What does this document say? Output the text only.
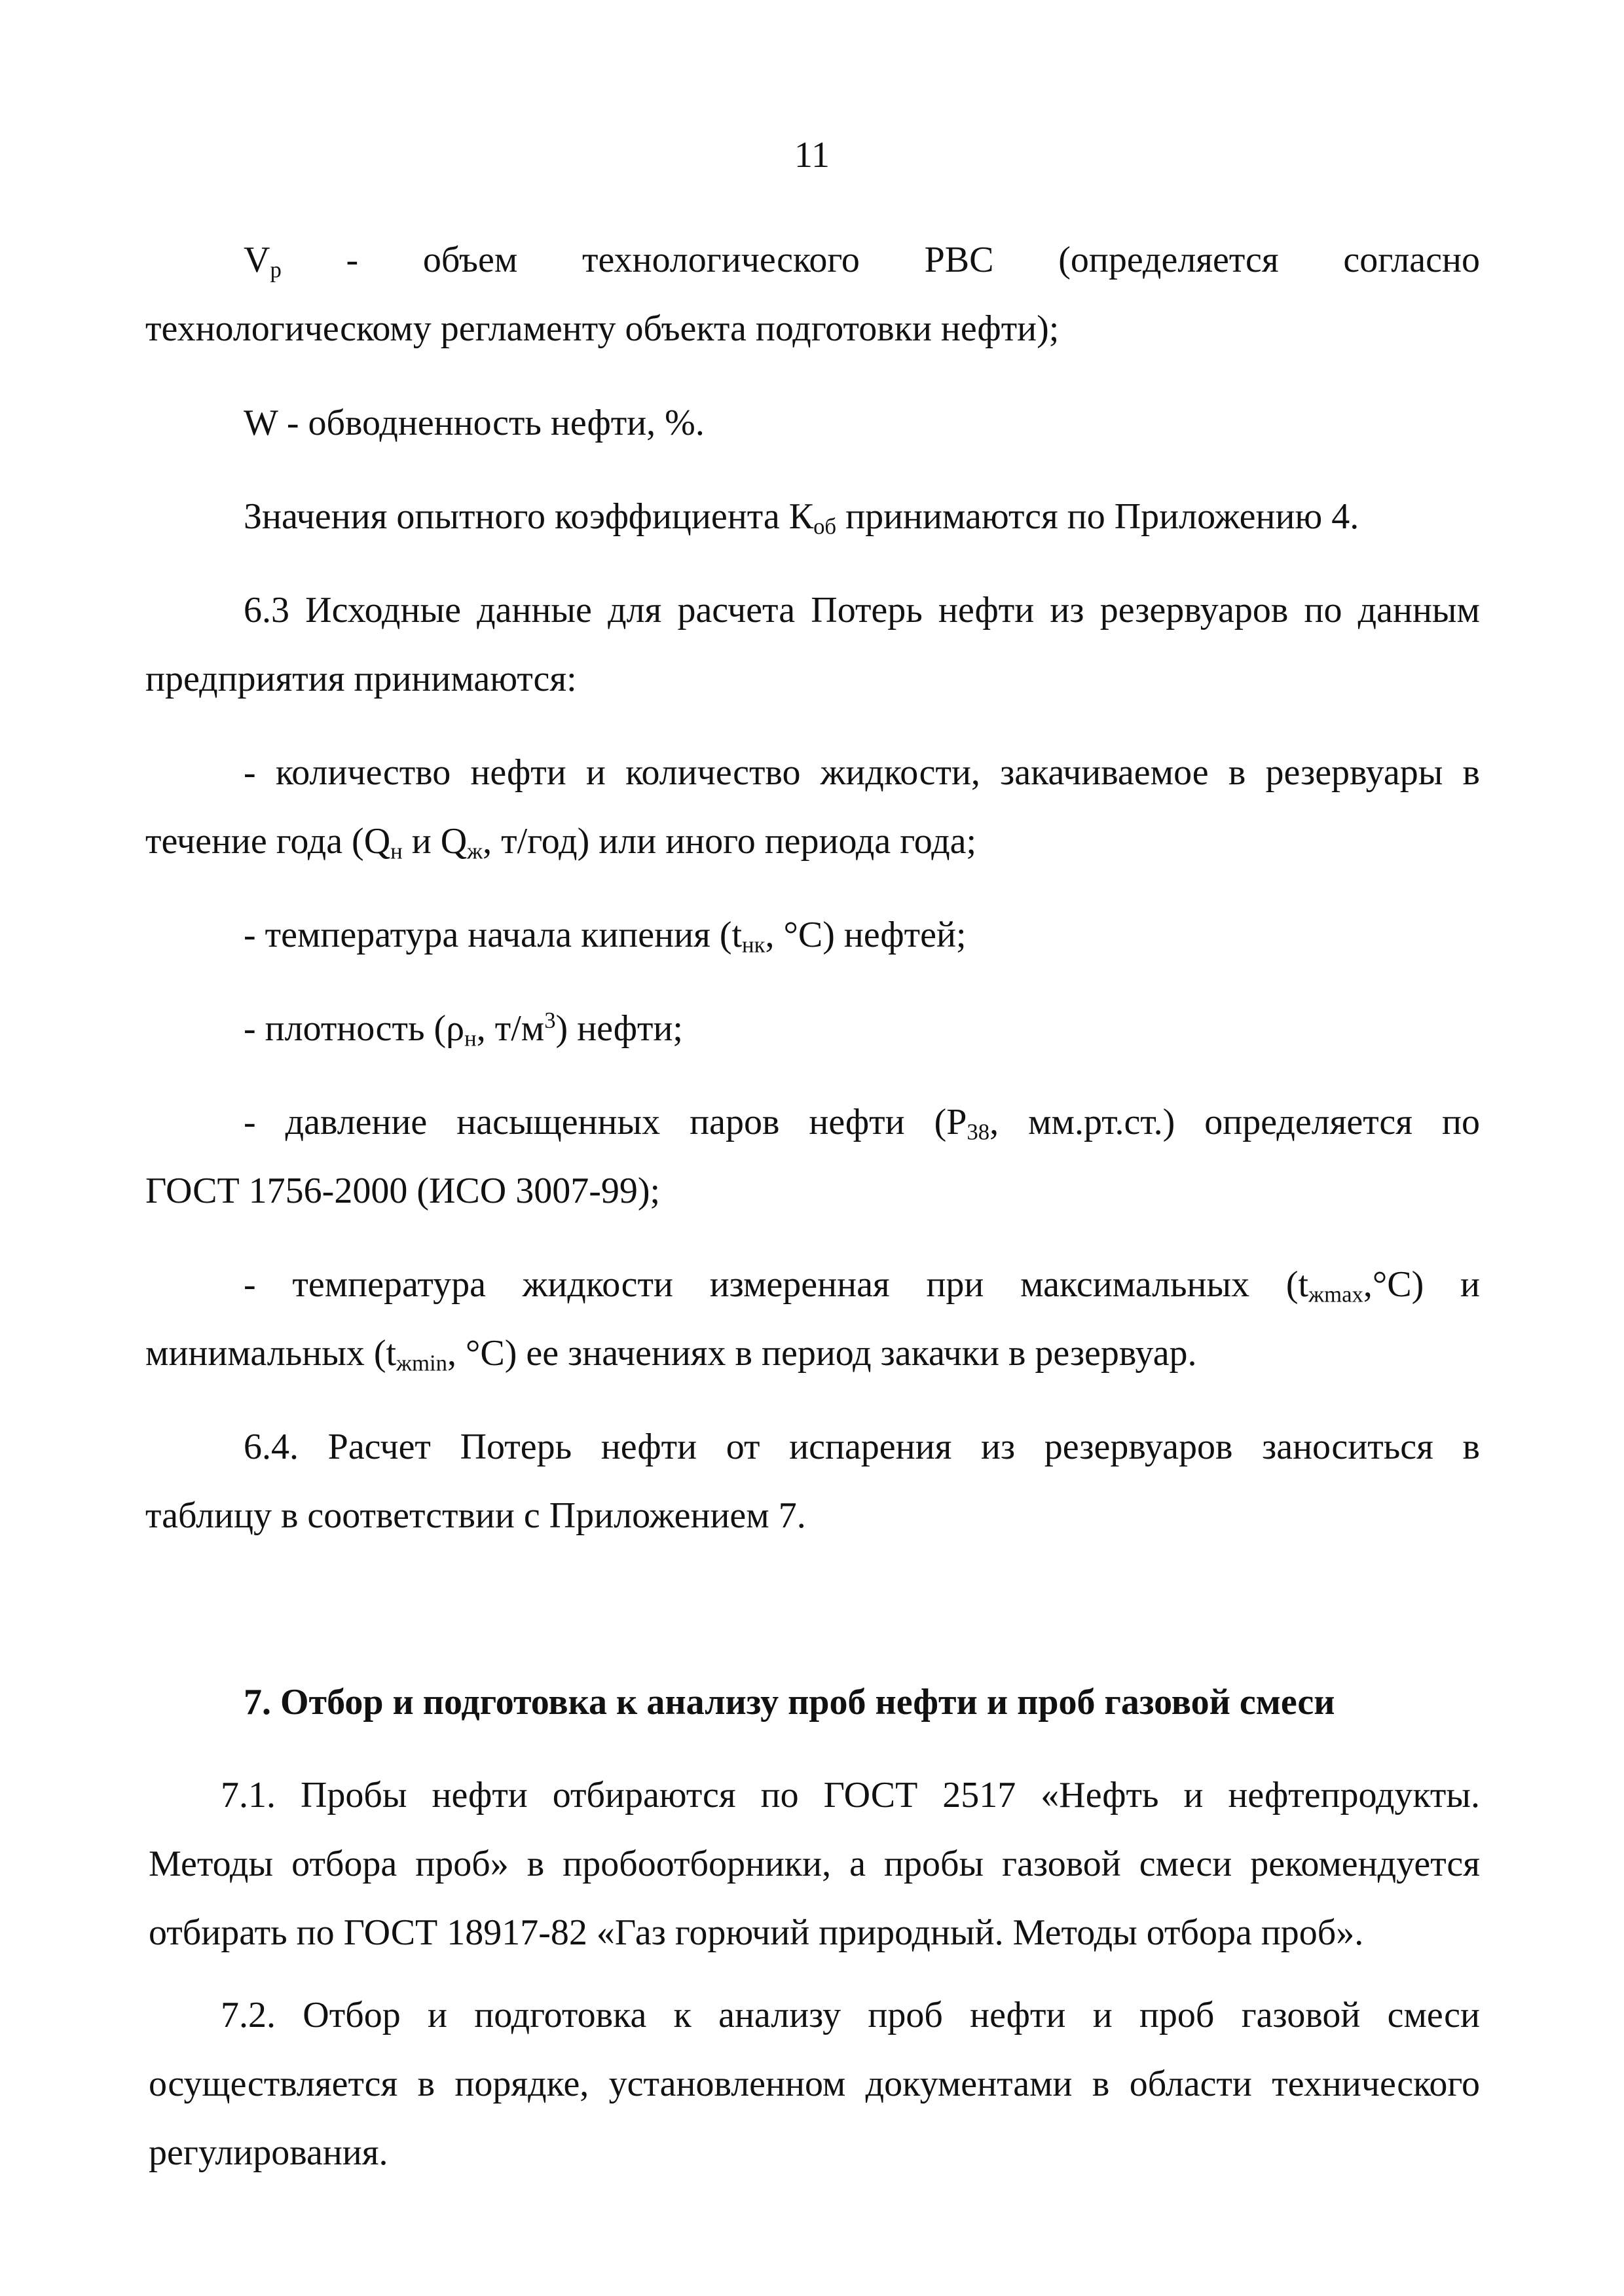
11
$V_р$ - объем технологического РВС (определяется согласно
технологическому регламенту объекта подготовки нефти);
W - обводненность нефти, %.
Значения опытного коэффициента $К_{об}$ принимаются по Приложению 4.
6.3 Исходные данные для расчета Потерь нефти из резервуаров по данным
предприятия принимаются:
- количество нефти и количество жидкости, закачиваемое в резервуары в
течение года ($Q_н$ и $Q_ж$, т/год) или иного периода года;
- температура начала кипения ($t_{нк}$, °С) нефтей;
- плотность ($\rho_н$, $т/м^3$) нефти;
- давление насыщенных паров нефти ($Р_{38}$, мм.рт.ст.) определяется по
ГОСТ 1756-2000 (ИСО 3007-99);
- температура жидкости измеренная при максимальных $(t_{жmax},^\circ С)$ и
минимальных ($t_{жmin}$, °С) ее значениях в период закачки в резервуар.
6.4. Расчет Потерь нефти от испарения из резервуаров заноситься в
таблицу в соответствии с Приложением 7.
7. Отбор и подготовка к анализу проб нефти и проб газовой смеси
7.1. Пробы нефти отбираются по ГОСТ 2517 «Нефть и нефтепродукты.
Методы отбора проб» в пробоотборники, а пробы газовой смеси рекомендуется
отбирать по ГОСТ 18917-82 «Газ горючий природный. Методы отбора проб».
7.2. Отбор и подготовка к анализу проб нефти и проб газовой смеси
осуществляется в порядке, установленном документами в области технического
регулирования.
